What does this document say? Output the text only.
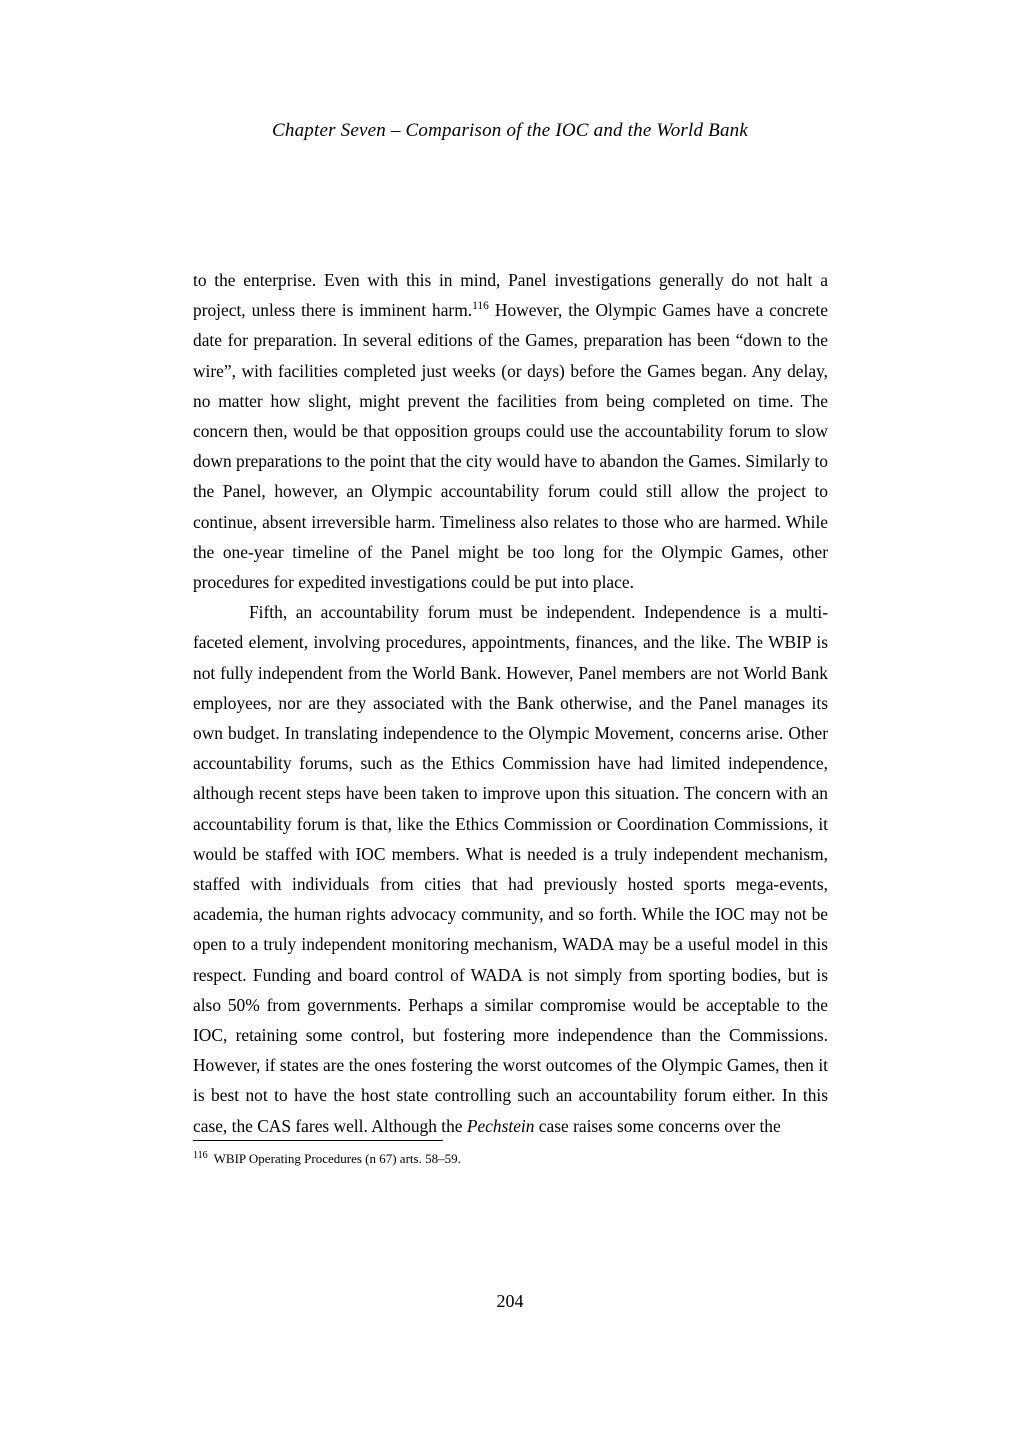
Chapter Seven – Comparison of the IOC and the World Bank

to the enterprise. Even with this in mind, Panel investigations generally do not halt a project, unless there is imminent harm.$^{116}$ However, the Olympic Games have a concrete date for preparation. In several editions of the Games, preparation has been “down to the wire”, with facilities completed just weeks (or days) before the Games began. Any delay, no matter how slight, might prevent the facilities from being completed on time. The concern then, would be that opposition groups could use the accountability forum to slow down preparations to the point that the city would have to abandon the Games. Similarly to the Panel, however, an Olympic accountability forum could still allow the project to continue, absent irreversible harm. Timeliness also relates to those who are harmed. While the one-year timeline of the Panel might be too long for the Olympic Games, other procedures for expedited investigations could be put into place.

Fifth, an accountability forum must be independent. Independence is a multi-faceted element, involving procedures, appointments, finances, and the like. The WBIP is not fully independent from the World Bank. However, Panel members are not World Bank employees, nor are they associated with the Bank otherwise, and the Panel manages its own budget. In translating independence to the Olympic Movement, concerns arise. Other accountability forums, such as the Ethics Commission have had limited independence, although recent steps have been taken to improve upon this situation. The concern with an accountability forum is that, like the Ethics Commission or Coordination Commissions, it would be staffed with IOC members. What is needed is a truly independent mechanism, staffed with individuals from cities that had previously hosted sports mega-events, academia, the human rights advocacy community, and so forth. While the IOC may not be open to a truly independent monitoring mechanism, WADA may be a useful model in this respect. Funding and board control of WADA is not simply from sporting bodies, but is also 50% from governments. Perhaps a similar compromise would be acceptable to the IOC, retaining some control, but fostering more independence than the Commissions. However, if states are the ones fostering the worst outcomes of the Olympic Games, then it is best not to have the host state controlling such an accountability forum either. In this case, the CAS fares well. Although the Pechstein case raises some concerns over the

$^{116}$ WBIP Operating Procedures (n 67) arts. 58–59.

204
